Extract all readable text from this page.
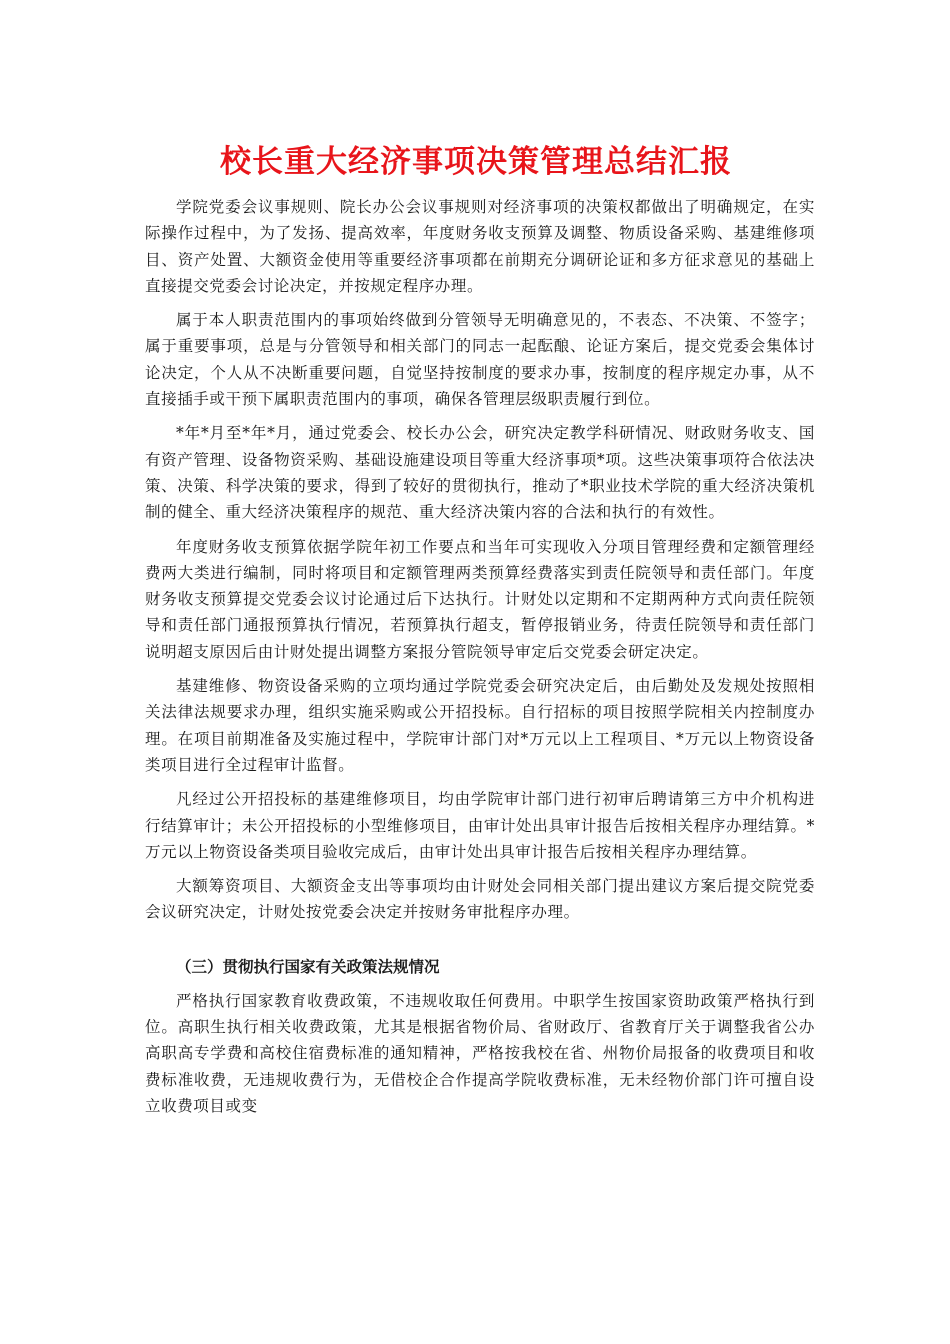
校长重大经济事项决策管理总结汇报

学院党委会议事规则、院长办公会议事规则对经济事项的决策权都做出了明确规定，在实际操作过程中，为了发扬、提高效率，年度财务收支预算及调整、物质设备采购、基建维修项目、资产处置、大额资金使用等重要经济事项都在前期充分调研论证和多方征求意见的基础上直接提交党委会讨论决定，并按规定程序办理。

属于本人职责范围内的事项始终做到分管领导无明确意见的，不表态、不决策、不签字；属于重要事项，总是与分管领导和相关部门的同志一起酝酿、论证方案后，提交党委会集体讨论决定，个人从不决断重要问题，自觉坚持按制度的要求办事，按制度的程序规定办事，从不直接插手或干预下属职责范围内的事项，确保各管理层级职责履行到位。

*年*月至*年*月，通过党委会、校长办公会，研究决定教学科研情况、财政财务收支、国有资产管理、设备物资采购、基础设施建设项目等重大经济事项*项。这些决策事项符合依法决策、决策、科学决策的要求，得到了较好的贯彻执行，推动了*职业技术学院的重大经济决策机制的健全、重大经济决策程序的规范、重大经济决策内容的合法和执行的有效性。

年度财务收支预算依据学院年初工作要点和当年可实现收入分项目管理经费和定额管理经费两大类进行编制，同时将项目和定额管理两类预算经费落实到责任院领导和责任部门。年度财务收支预算提交党委会议讨论通过后下达执行。计财处以定期和不定期两种方式向责任院领导和责任部门通报预算执行情况，若预算执行超支，暂停报销业务，待责任院领导和责任部门说明超支原因后由计财处提出调整方案报分管院领导审定后交党委会研定决定。

基建维修、物资设备采购的立项均通过学院党委会研究决定后，由后勤处及发规处按照相关法律法规要求办理，组织实施采购或公开招投标。自行招标的项目按照学院相关内控制度办理。在项目前期准备及实施过程中，学院审计部门对*万元以上工程项目、*万元以上物资设备类项目进行全过程审计监督。

凡经过公开招投标的基建维修项目，均由学院审计部门进行初审后聘请第三方中介机构进行结算审计；未公开招投标的小型维修项目，由审计处出具审计报告后按相关程序办理结算。*万元以上物资设备类项目验收完成后，由审计处出具审计报告后按相关程序办理结算。

大额筹资项目、大额资金支出等事项均由计财处会同相关部门提出建议方案后提交院党委会议研究决定，计财处按党委会决定并按财务审批程序办理。

（三）贯彻执行国家有关政策法规情况

严格执行国家教育收费政策，不违规收取任何费用。中职学生按国家资助政策严格执行到位。高职生执行相关收费政策，尤其是根据省物价局、省财政厅、省教育厅关于调整我省公办高职高专学费和高校住宿费标准的通知精神，严格按我校在省、州物价局报备的收费项目和收费标准收费，无违规收费行为，无借校企合作提高学院收费标准，无未经物价部门许可擅自设立收费项目或变
